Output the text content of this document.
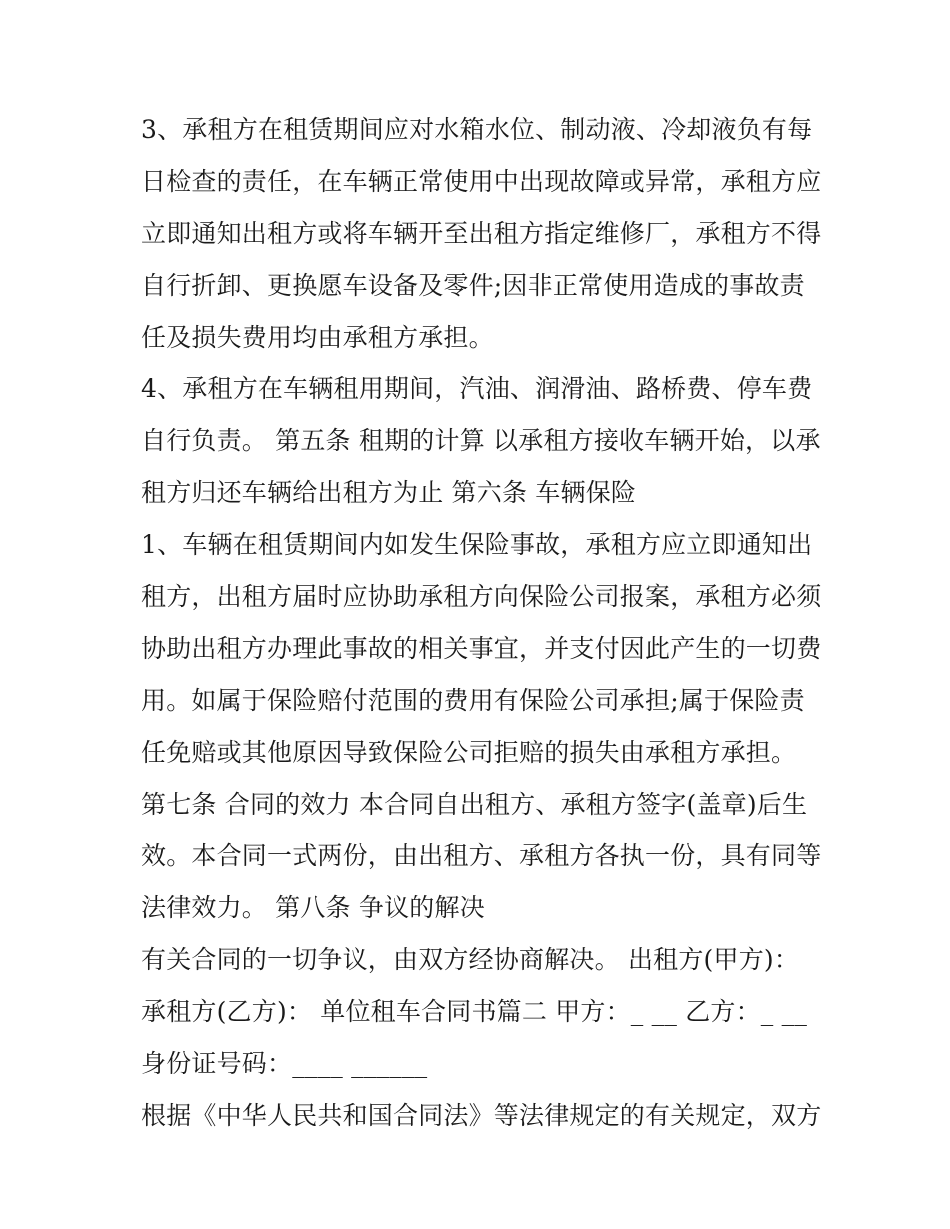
3、承租方在租赁期间应对水箱水位、制动液、冷却液负有每
日检查的责任，在车辆正常使用中出现故障或异常，承租方应
立即通知出租方或将车辆开至出租方指定维修厂，承租方不得
自行折卸、更换愿车设备及零件;因非正常使用造成的事故责
任及损失费用均由承租方承担。
4、承租方在车辆租用期间，汽油、润滑油、路桥费、停车费
自行负责。 第五条 租期的计算 以承租方接收车辆开始，以承
租方归还车辆给出租方为止 第六条 车辆保险
1、车辆在租赁期间内如发生保险事故，承租方应立即通知出
租方，出租方届时应协助承租方向保险公司报案，承租方必须
协助出租方办理此事故的相关事宜，并支付因此产生的一切费
用。如属于保险赔付范围的费用有保险公司承担;属于保险责
任免赔或其他原因导致保险公司拒赔的损失由承租方承担。
第七条 合同的效力 本合同自出租方、承租方签字(盖章)后生
效。本合同一式两份，由出租方、承租方各执一份，具有同等
法律效力。 第八条 争议的解决
有关合同的一切争议，由双方经协商解决。 出租方(甲方)：
承租方(乙方)： 单位租车合同书篇二 甲方：_ __ 乙方：_ __
身份证号码：____ ______
根据《中华人民共和国合同法》等法律规定的有关规定，双方
